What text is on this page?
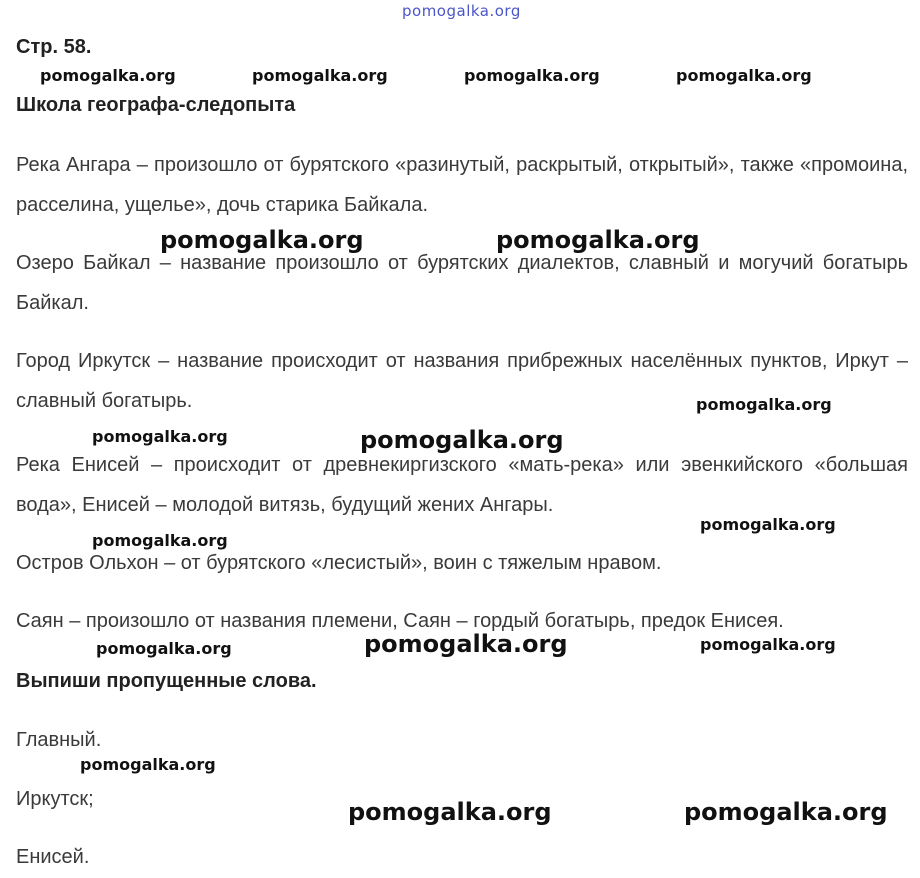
pomogalka.org
Стр. 58.
pomogalka.org	pomogalka.org	pomogalka.org	pomogalka.org
Школа географа-следопыта
Река Ангара – произошло от бурятского «разинутый, раскрытый, открытый», также «промоина, расселина, ущелье», дочь старика Байкала.
Озеро Байкал – название произошло от бурятских диалектов, славный и могучий богатырь Байкал.
Город Иркутск – название происходит от названия прибрежных населённых пунктов, Иркут – славный богатырь.
Река Енисей – происходит от древнекиргизского «мать-река» или эвенкийского «большая вода», Енисей – молодой витязь, будущий жених Ангары.
Остров Ольхон – от бурятского «лесистый», воин с тяжелым нравом.
Саян – произошло от названия племени, Саян – гордый богатырь, предок Енисея.
Выпиши пропущенные слова.
Главный.
Иркутск;
Енисей.
pomogalka.org	pomogalka.org
pomogalka.org
pomogalka.org	pomogalka.org
pomogalka.org
pomogalka.org
pomogalka.org	pomogalka.org	pomogalka.org
pomogalka.org
pomogalka.org	pomogalka.org
